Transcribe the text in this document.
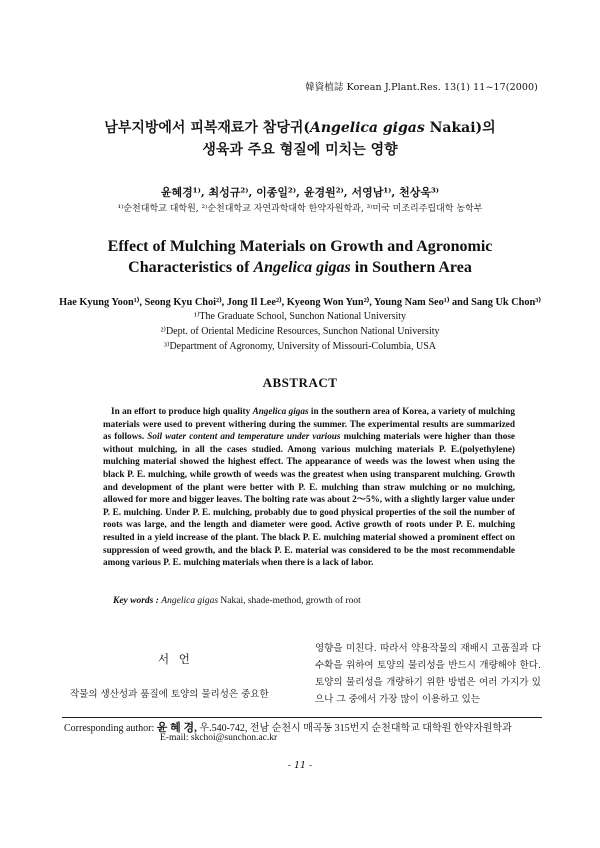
韓資植誌 Korean J.Plant.Res. 13(1) 11~17(2000)
남부지방에서 피복재료가 참당귀(Angelica gigas Nakai)의
생육과 주요 형질에 미치는 영향
윤혜경¹⁾, 최성규²⁾, 이종일²⁾, 윤경원²⁾, 서영남¹⁾, 천상욱³⁾
¹⁾순천대학교 대학원, ²⁾순천대학교 자연과학대학 한약자원학과, ³⁾미국 미조리주립대학 농학부
Effect of Mulching Materials on Growth and Agronomic
Characteristics of Angelica gigas in Southern Area
Hae Kyung Yoon¹⁾, Seong Kyu Choi²⁾, Jong Il Lee²⁾, Kyeong Won Yun²⁾, Young Nam Seo¹⁾ and Sang Uk Chon³⁾
¹⁾The Graduate School, Sunchon National University
²⁾Dept. of Oriental Medicine Resources, Sunchon National University
³⁾Department of Agronomy, University of Missouri-Columbia, USA
ABSTRACT
In an effort to produce high quality Angelica gigas in the southern area of Korea, a variety of mulching materials were used to prevent withering during the summer. The experimental results are summarized as follows. Soil water content and temperature under various mulching materials were higher than those without mulching, in all the cases studied. Among various mulching materials P. E.(polyethylene) mulching material showed the highest effect. The appearance of weeds was the lowest when using the black P. E. mulching, while growth of weeds was the greatest when using transparent mulching. Growth and development of the plant were better with P. E. mulching than straw mulching or no mulching, allowed for more and bigger leaves. The bolting rate was about 2～5%, with a slightly larger value under P. E. mulching. Under P. E. mulching, probably due to good physical properties of the soil the number of roots was large, and the length and diameter were good. Active growth of roots under P. E. mulching resulted in a yield increase of the plant. The black P. E. mulching material showed a prominent effect on suppression of weed growth, and the black P. E. material was considered to be the most recommendable among various P. E. mulching materials when there is a lack of labor.
Key words : Angelica gigas Nakai, shade-method, growth of root
서 언
작물의 생산성과 품질에 토양의 물리성은 중요한
영향을 미친다. 따라서 약용작물의 재배시 고품질과 다 수확을 위하여 토양의 물리성을 반드시 개량해야 한다. 토양의 물리성을 개량하기 위한 방법은 여러 가지가 있으나 그 중에서 가장 많이 이용하고 있는
Corresponding author: 윤 혜 경, 우.540-742, 전남 순천시 매곡동 315번지 순천대학교 대학원 한약자원학과
E-mail: skchoi@sunchon.ac.kr
- 11 -
